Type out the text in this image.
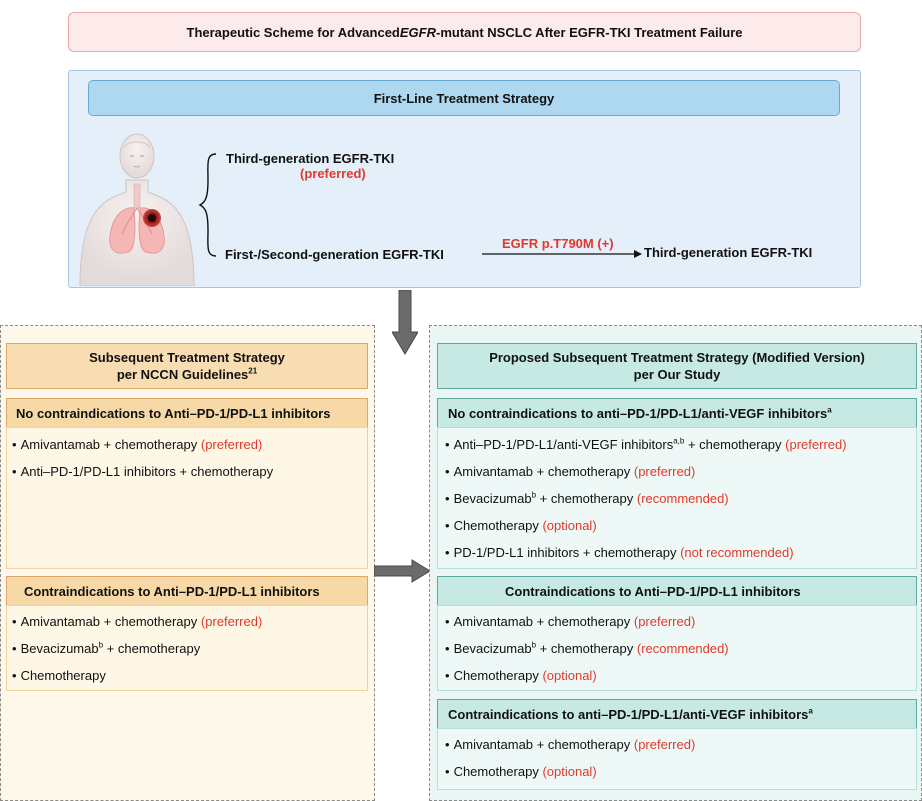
Therapeutic Scheme for Advanced EGFR -mutant NSCLC After EGFR-TKI Treatment Failure
First-Line Treatment Strategy
Third-generation EGFR-TKI
(preferred)
First-/Second-generation EGFR-TKI
EGFR p.T790M (+)
Third-generation EGFR-TKI
Subsequent Treatment Strategy
per NCCN Guidelines$^{21}$
No contraindications to Anti–PD-1/PD-L1 inhibitors
• Amivantamab + chemotherapy (preferred)
• Anti–PD-1/PD-L1 inhibitors + chemotherapy
Contraindications to Anti–PD-1/PD-L1 inhibitors
• Amivantamab + chemotherapy (preferred)
• Bevacizumab$^b$ + chemotherapy
• Chemotherapy
Proposed Subsequent Treatment Strategy (Modified Version)
per Our Study
No contraindications to anti–PD-1/PD-L1/anti-VEGF inhibitors$^a$
• Anti–PD-1/PD-L1/anti-VEGF inhibitors$^{a,b}$ + chemotherapy (preferred)
• Amivantamab + chemotherapy (preferred)
• Bevacizumab$^b$ + chemotherapy (recommended)
• Chemotherapy (optional)
• PD-1/PD-L1 inhibitors + chemotherapy (not recommended)
Contraindications to Anti–PD-1/PD-L1 inhibitors
• Amivantamab + chemotherapy (preferred)
• Bevacizumab$^b$ + chemotherapy (recommended)
• Chemotherapy (optional)
Contraindications to anti–PD-1/PD-L1/anti-VEGF inhibitors$^a$
• Amivantamab + chemotherapy (preferred)
• Chemotherapy (optional)
